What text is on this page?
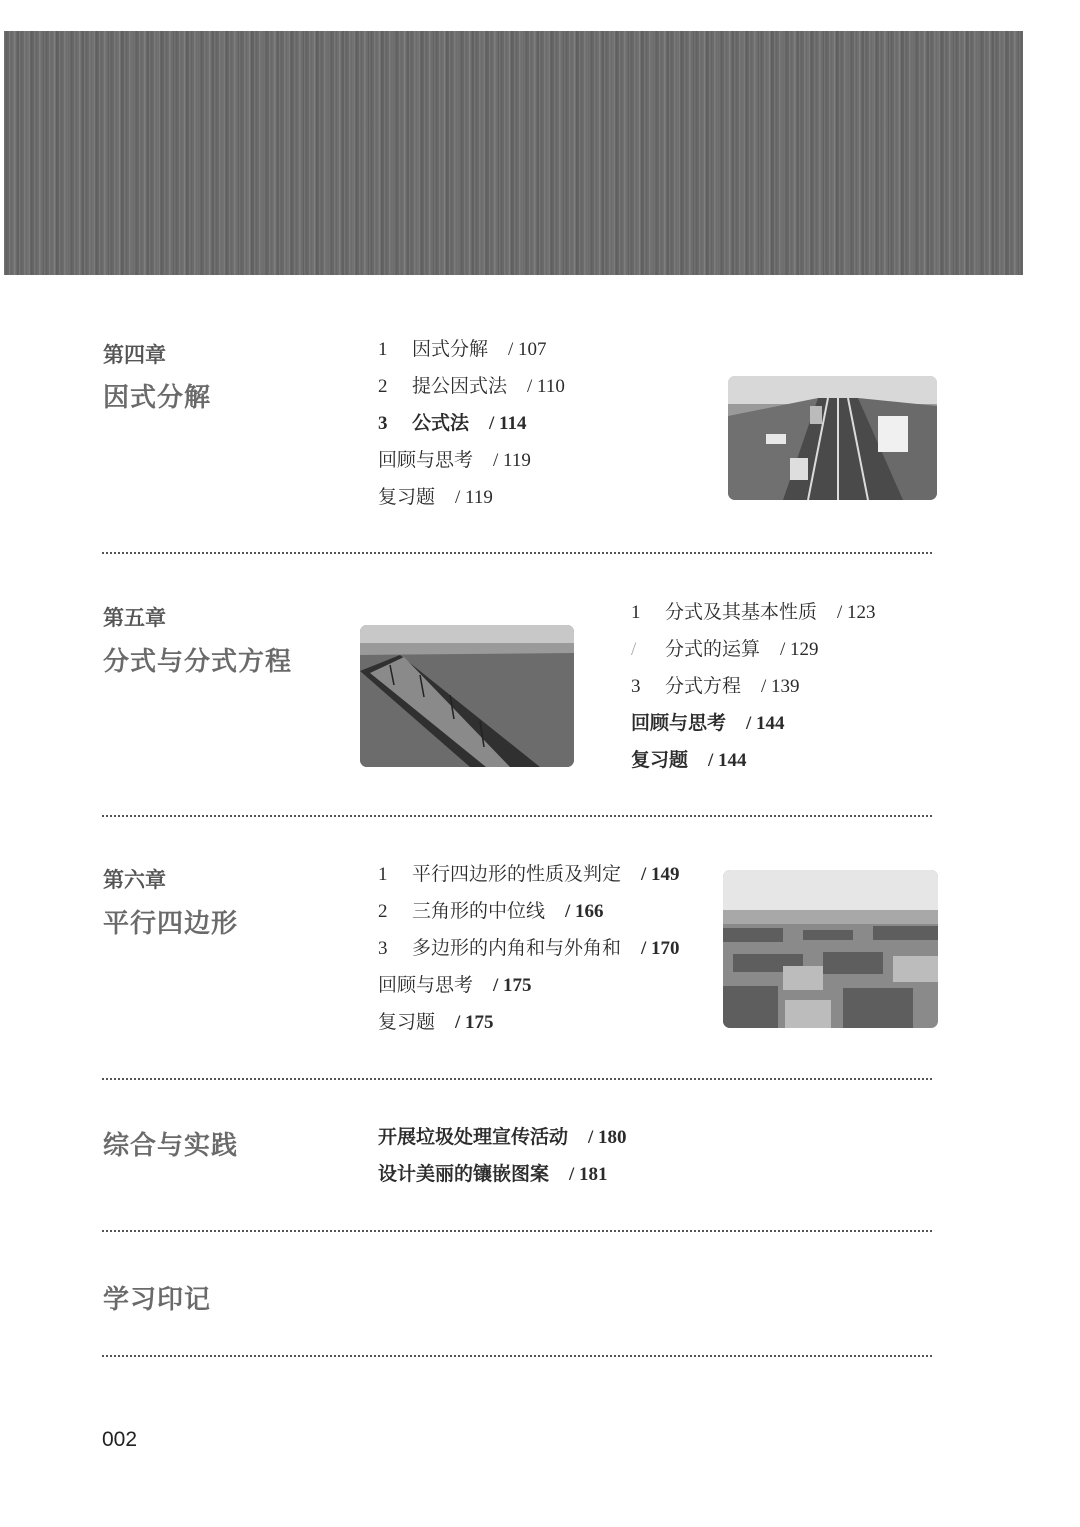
第四章
因式分解
1 因式分解 / 107
2 提公因式法 / 110
3 公式法 / 114
回顾与思考 / 119
复习题 / 119
第五章
分式与分式方程
1 分式及其基本性质 / 123
/ 分式的运算 / 129
3 分式方程 / 139
回顾与思考 / 144
复习题 / 144
第六章
平行四边形
1 平行四边形的性质及判定 / 149
2 三角形的中位线 / 166
3 多边形的内角和与外角和 / 170
回顾与思考 / 175
复习题 / 175
综合与实践	开展垃圾处理宣传活动 / 180
设计美丽的镶嵌图案 / 181
学习印记
002
